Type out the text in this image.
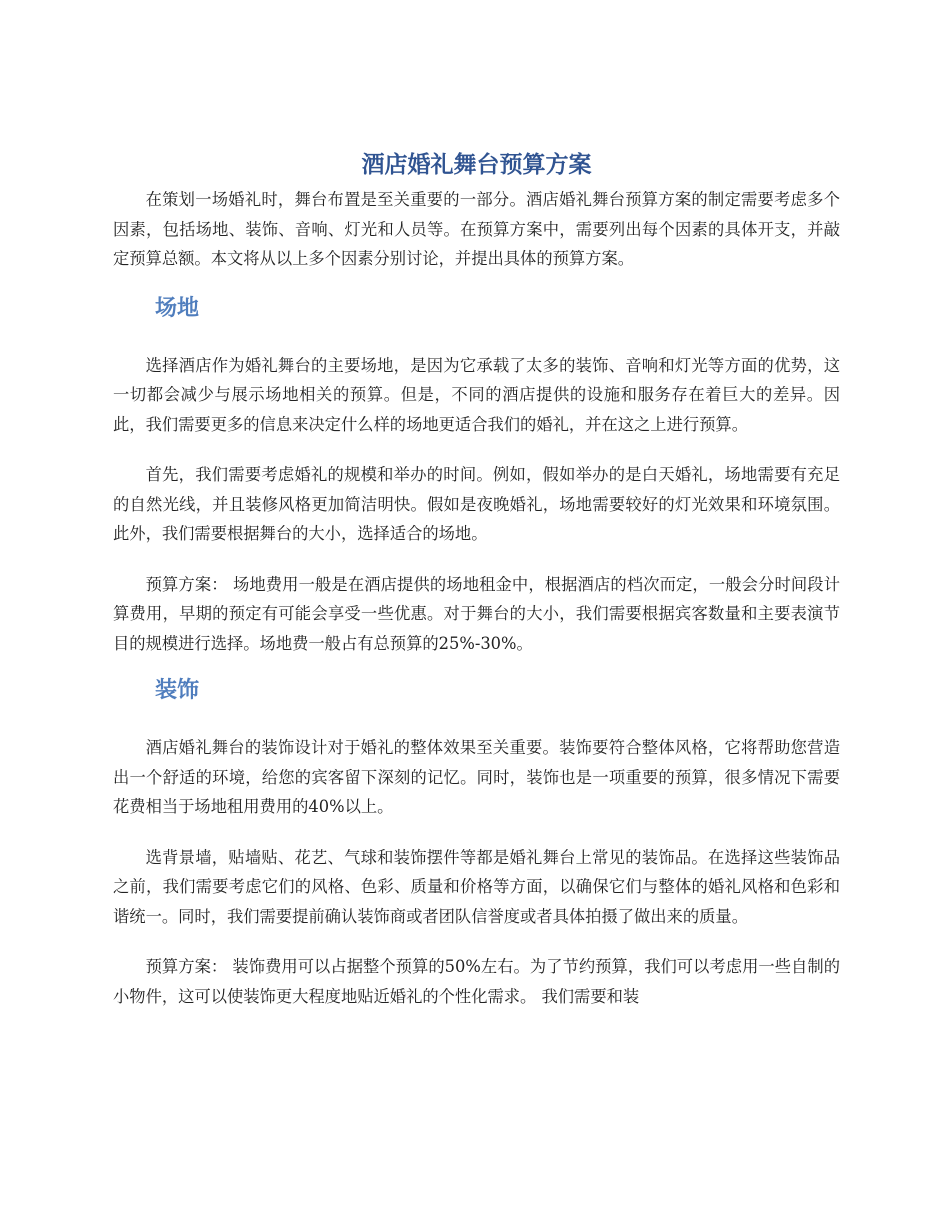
酒店婚礼舞台预算方案

在策划一场婚礼时，舞台布置是至关重要的一部分。酒店婚礼舞台预算方案的制定需要考虑多个因素，包括场地、装饰、音响、灯光和人员等。在预算方案中，需要列出每个因素的具体开支，并敲定预算总额。本文将从以上多个因素分别讨论，并提出具体的预算方案。

场地

选择酒店作为婚礼舞台的主要场地，是因为它承载了太多的装饰、音响和灯光等方面的优势，这一切都会减少与展示场地相关的预算。但是，不同的酒店提供的设施和服务存在着巨大的差异。因此，我们需要更多的信息来决定什么样的场地更适合我们的婚礼，并在这之上进行预算。

首先，我们需要考虑婚礼的规模和举办的时间。例如，假如举办的是白天婚礼，场地需要有充足的自然光线，并且装修风格更加简洁明快。假如是夜晚婚礼，场地需要较好的灯光效果和环境氛围。此外，我们需要根据舞台的大小，选择适合的场地。

预算方案： 场地费用一般是在酒店提供的场地租金中，根据酒店的档次而定，一般会分时间段计算费用，早期的预定有可能会享受一些优惠。对于舞台的大小，我们需要根据宾客数量和主要表演节目的规模进行选择。场地费一般占有总预算的25%-30%。

装饰

酒店婚礼舞台的装饰设计对于婚礼的整体效果至关重要。装饰要符合整体风格，它将帮助您营造出一个舒适的环境，给您的宾客留下深刻的记忆。同时，装饰也是一项重要的预算，很多情况下需要花费相当于场地租用费用的40%以上。

选背景墙，贴墙贴、花艺、气球和装饰摆件等都是婚礼舞台上常见的装饰品。在选择这些装饰品之前，我们需要考虑它们的风格、色彩、质量和价格等方面，以确保它们与整体的婚礼风格和色彩和谐统一。同时，我们需要提前确认装饰商或者团队信誉度或者具体拍摄了做出来的质量。

预算方案： 装饰费用可以占据整个预算的50%左右。为了节约预算，我们可以考虑用一些自制的小物件，这可以使装饰更大程度地贴近婚礼的个性化需求。 我们需要和装
